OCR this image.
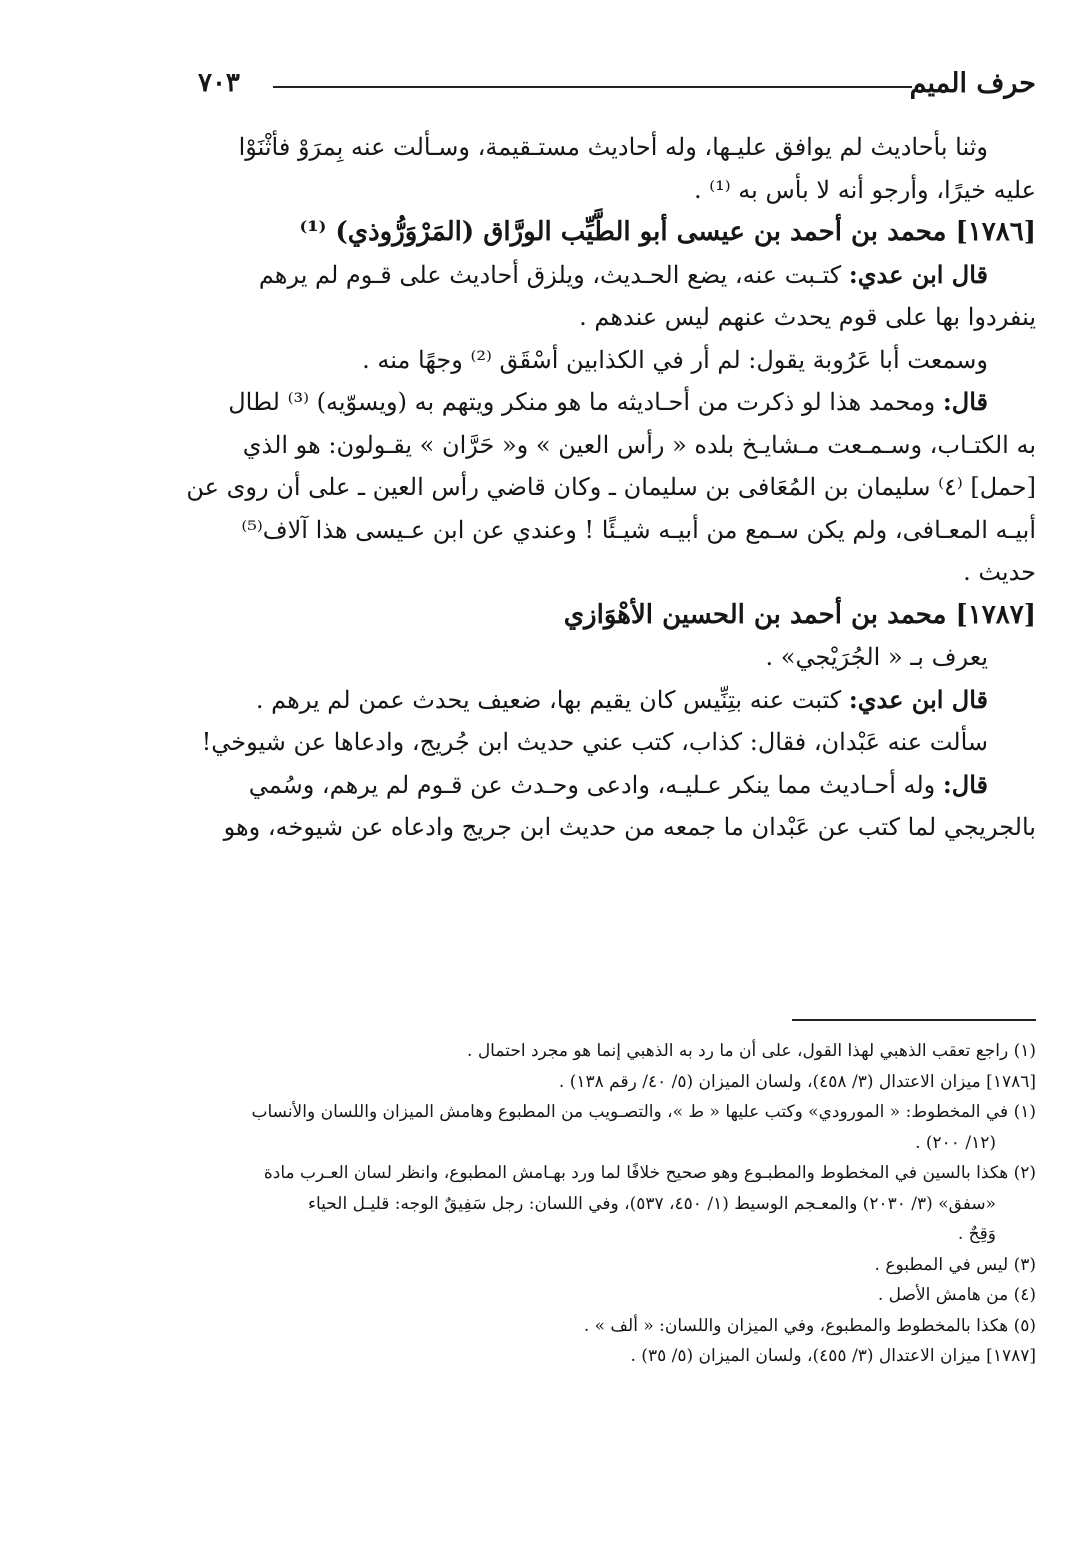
حرف الميم
٧٠٣

وثنا بأحاديث لم يوافق عليـها، وله أحاديث مستـقيمة، وسـألت عنه بِمرَوْ فأثْنَوْا

عليه خيرًا، وأرجو أنه لا بأس به ⁽¹⁾ .

[١٧٨٦] محمد بن أحمد بن عيسى أبو الطَّيِّب الورَّاق (المَرْوَرُّوذي) ⁽¹⁾

قال ابن عدي: كتـبت عنه، يضع الحـديث، ويلزق أحاديث على قـوم لم يرهم

ينفردوا بها على قوم يحدث عنهم ليس عندهم .

وسمعت أبا عَرُوبة يقول: لم أر في الكذابين أسْقَق ⁽²⁾ وجهًا منه .

قال: ومحمد هذا لو ذكرت من أحـاديثه ما هو منكر ويتهم به (ويسوّيه) ⁽³⁾ لطال

به الكتـاب، وسـمـعت مـشايـخ بلده « رأس العين » و« حَرَّان » يقـولون: هو الذي

[حمل] ⁽٤⁾ سليمان بن المُعَافى بن سليمان ـ وكان قاضي رأس العين ـ على أن روى عن

أبيـه المعـافى، ولم يكن سـمع من أبيـه شيـئًا ! وعندي عن ابن عـيسى هذا آلاف⁽⁵⁾

حديث .

[١٧٨٧] محمد بن أحمد بن الحسين الأهْوَازي

يعرف بـ « الجُرَيْجي» .

قال ابن عدي: كتبت عنه بتِنِّيس كان يقيم بها، ضعيف يحدث عمن لم يرهم .

سألت عنه عَبْدان، فقال: كذاب، كتب عني حديث ابن جُريج، وادعاها عن شيوخي!

قال: وله أحـاديث مما ينكر عـليـه، وادعى وحـدث عن قـوم لم يرهم، وسُمي

بالجريجي لما كتب عن عَبْدان ما جمعه من حديث ابن جريج وادعاه عن شيوخه، وهو

(١) راجع تعقب الذهبي لهذا القول، على أن ما رد به الذهبي إنما هو مجرد احتمال .

[١٧٨٦] ميزان الاعتدال (٣/ ٤٥٨)، ولسان الميزان (٥/ ٤٠/ رقم ١٣٨) .

(١) في المخطوط: « المورودي» وكتب عليها « ط »، والتصـويب من المطبوع وهامش الميزان واللسان والأنساب

(١٢/ ٢٠٠) .

(٢) هكذا بالسين في المخطوط والمطبـوع وهو صحيح خلافًا لما ورد بهـامش المطبوع، وانظر لسان العـرب مادة

«سفق» (٣/ ٢٠٣٠) والمعـجم الوسيط (١/ ٤٥٠، ٥٣٧)، وفي اللسان: رجل سَفِيقٌ الوجه: قليـل الحياء

وَقِحٌ .

(٣) ليس في المطبوع .

(٤) من هامش الأصل .

(٥) هكذا بالمخطوط والمطبوع، وفي الميزان واللسان: « ألف » .

[١٧٨٧] ميزان الاعتدال (٣/ ٤٥٥)، ولسان الميزان (٥/ ٣٥) .
